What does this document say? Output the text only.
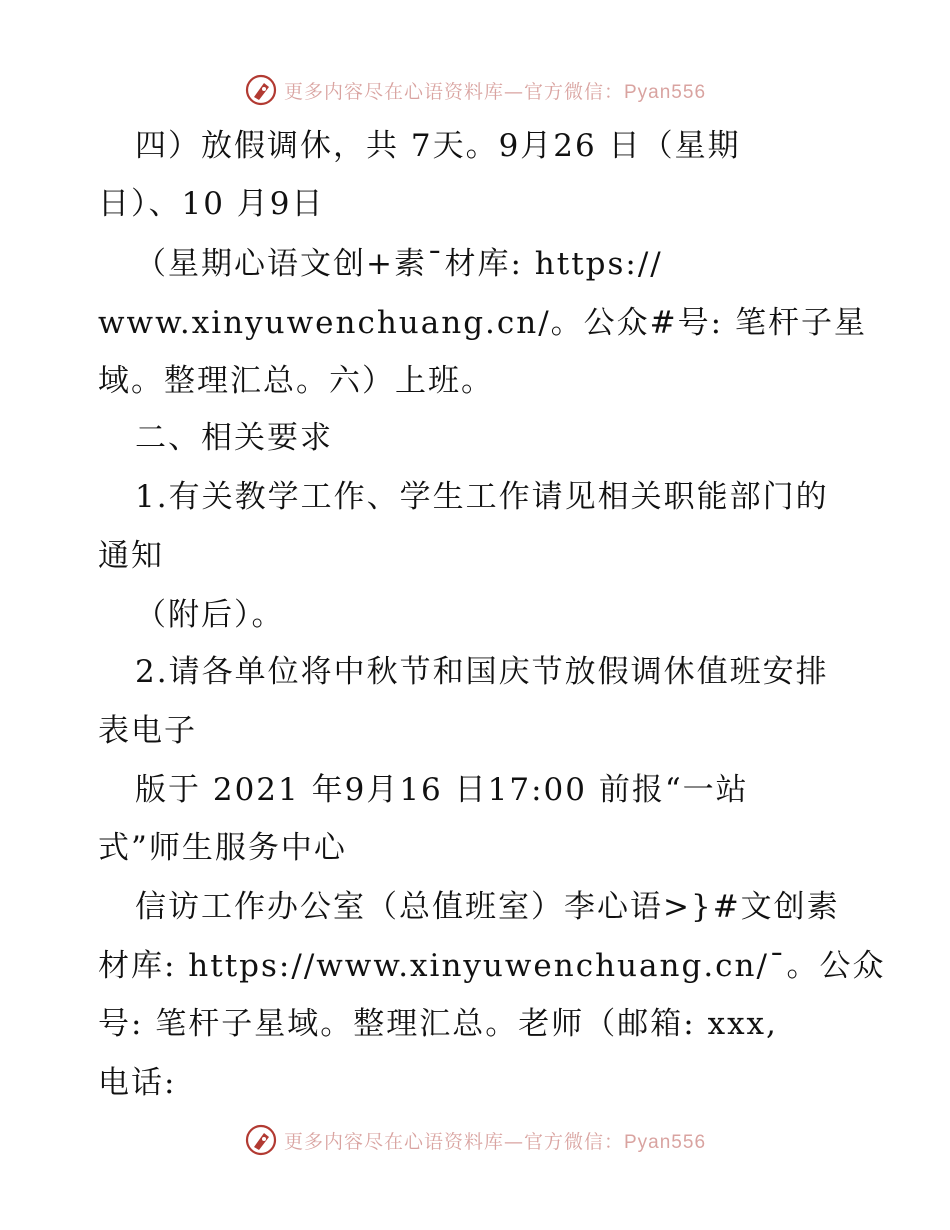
更多内容尽在心语资料库—官方微信：Pyan556
四）放假调休，共 7天。9月26 日（星期
日）、10 月9日
（星期心语文创+素¯材库: https://
www.xinyuwenchuang.cn/。公众#号: 笔杆子星
域。整理汇总。六）上班。
二、相关要求
1.有关教学工作、学生工作请见相关职能部门的
通知
（附后）。
2.请各单位将中秋节和国庆节放假调休值班安排
表电子
版于 2021 年9月16 日17:00 前报“一站
式”师生服务中心
信访工作办公室（总值班室）李心语>}#文创素
材库: https://www.xinyuwenchuang.cn/¯。公众
号: 笔杆子星域。整理汇总。老师（邮箱: xxx,
电话:
更多内容尽在心语资料库—官方微信：Pyan556
